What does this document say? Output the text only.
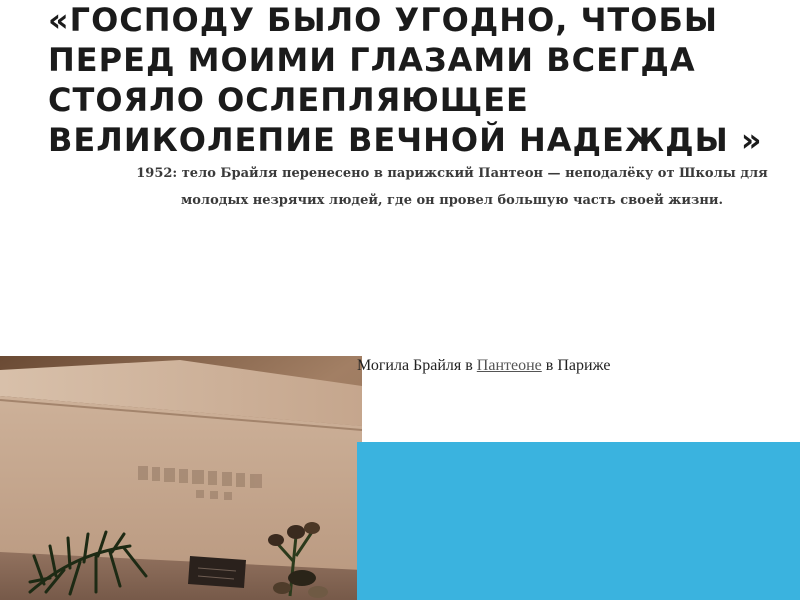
«ГОСПОДУ БЫЛО УГОДНО, ЧТОБЫ ПЕРЕД МОИМИ ГЛАЗАМИ ВСЕГДА СТОЯЛО ОСЛЕПЛЯЮЩЕЕ ВЕЛИКОЛЕПИЕ ВЕЧНОЙ НАДЕЖДЫ »

1952: тело Брайля перенесено в парижский Пантеон — неподалёку от Школы для молодых незрячих людей, где он провел большую часть своей жизни.

Могила Брайля в Пантеоне в Париже
